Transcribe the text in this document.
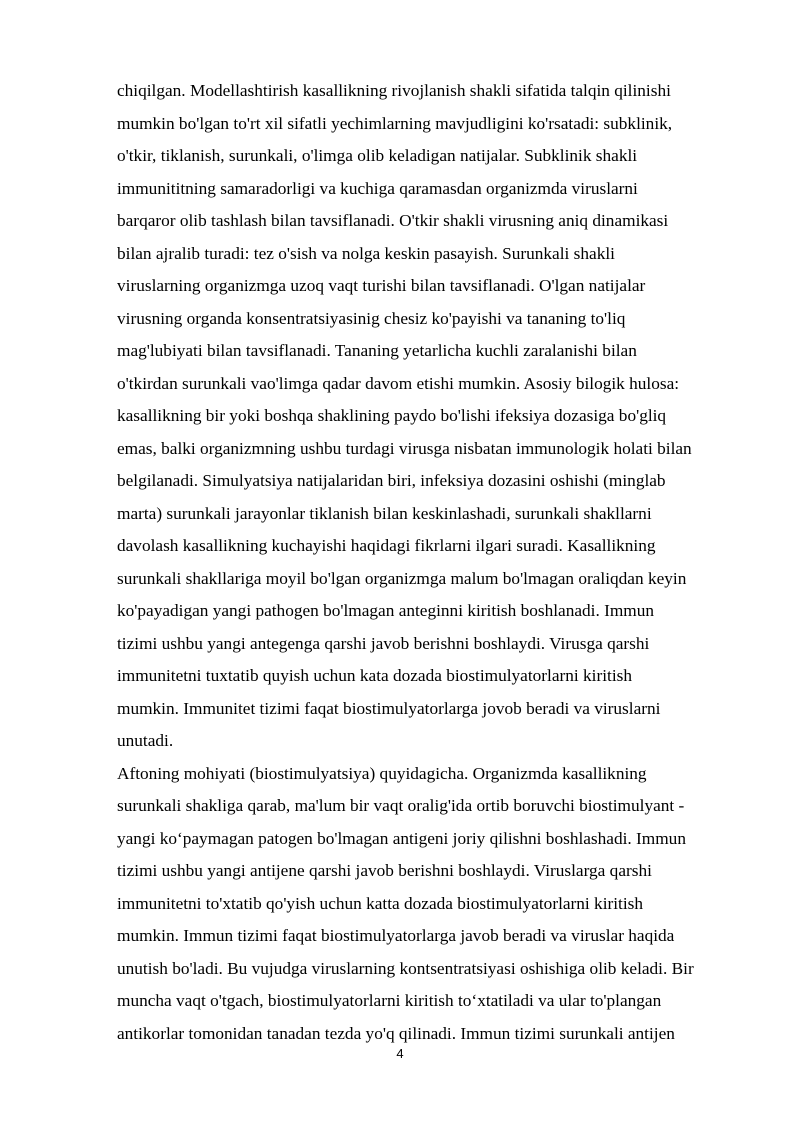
chiqilgan. Modellashtirish kasallikning rivojlanish shakli sifatida talqin qilinishi
mumkin bo'lgan to'rt xil sifatli yechimlarning mavjudligini ko'rsatadi: subklinik,
o'tkir, tiklanish, surunkali, o'limga olib keladigan natijalar. Subklinik shakli
immunititning samaradorligi va kuchiga qaramasdan organizmda viruslarni
barqaror olib tashlash bilan tavsiflanadi. O'tkir shakli virusning aniq dinamikasi
bilan ajralib turadi: tez o'sish va nolga keskin pasayish. Surunkali shakli
viruslarning organizmga uzoq vaqt turishi bilan tavsiflanadi. O'lgan natijalar
virusning organda konsentratsiyasinig chesiz ko'payishi va tananing to'liq
mag'lubiyati bilan tavsiflanadi. Tananing yetarlicha kuchli zaralanishi bilan
o'tkirdan surunkali vao'limga qadar davom etishi mumkin. Asosiy bilogik hulosa:
kasallikning bir yoki boshqa shaklining paydo bo'lishi ifeksiya dozasiga bo'gliq
emas, balki organizmning ushbu turdagi virusga nisbatan immunologik holati bilan
belgilanadi. Simulyatsiya natijalaridan biri, infeksiya dozasini oshishi (minglab
marta) surunkali jarayonlar tiklanish bilan keskinlashadi, surunkali shakllarni
davolash kasallikning kuchayishi haqidagi fikrlarni ilgari suradi. Kasallikning
surunkali shakllariga moyil bo'lgan organizmga malum bo'lmagan oraliqdan keyin
ko'payadigan yangi pathogen bo'lmagan anteginni kiritish boshlanadi. Immun
tizimi ushbu yangi antegenga qarshi javob berishni boshlaydi. Virusga qarshi
immunitetni tuxtatib quyish uchun kata dozada biostimulyatorlarni kiritish
mumkin. Immunitet tizimi faqat biostimulyatorlarga jovob beradi va viruslarni
unutadi.
Aftoning mohiyati (biostimulyatsiya) quyidagicha. Organizmda kasallikning
surunkali shakliga qarab, ma'lum bir vaqt oralig'ida ortib boruvchi biostimulyant -
yangi ko‘paymagan patogen bo'lmagan antigeni joriy qilishni boshlashadi. Immun
tizimi ushbu yangi antijene qarshi javob berishni boshlaydi. Viruslarga qarshi
immunitetni to'xtatib qo'yish uchun katta dozada biostimulyatorlarni kiritish
mumkin. Immun tizimi faqat biostimulyatorlarga javob beradi va viruslar haqida
unutish bo'ladi. Bu vujudga viruslarning kontsentratsiyasi oshishiga olib keladi. Bir
muncha vaqt o'tgach, biostimulyatorlarni kiritish to‘xtatiladi va ular to'plangan
antikorlar tomonidan tanadan tezda yo'q qilinadi. Immun tizimi surunkali antijen
4
